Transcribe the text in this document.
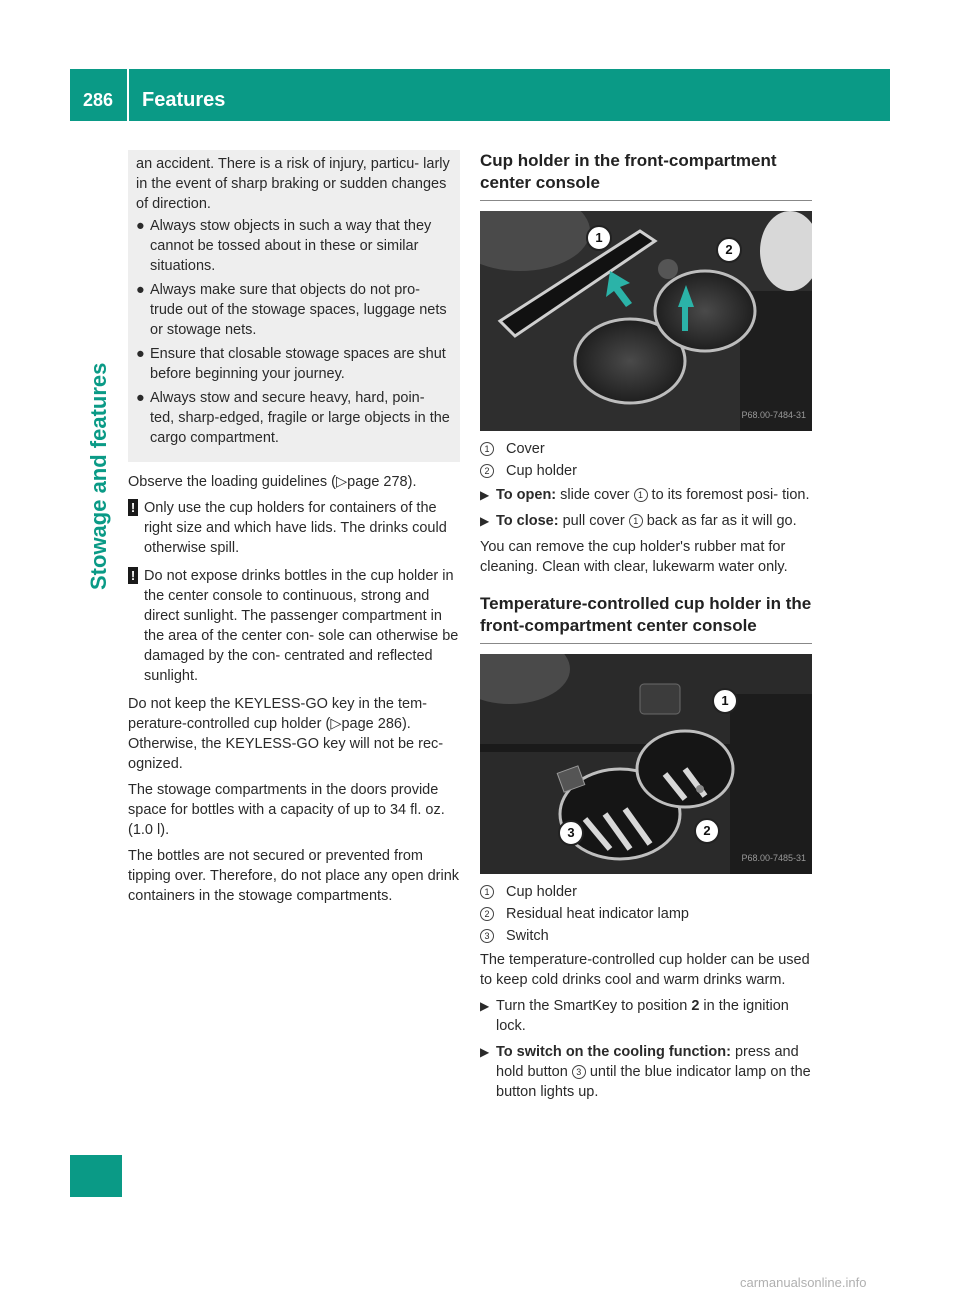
286	Features
Stowage and features

an accident. There is a risk of injury, particu- larly in the event of sharp braking or sudden changes of direction.

● Always stow objects in such a way that they cannot be tossed about in these or similar situations.
● Always make sure that objects do not pro- trude out of the stowage spaces, luggage nets or stowage nets.
● Ensure that closable stowage spaces are shut before beginning your journey.
● Always stow and secure heavy, hard, poin- ted, sharp-edged, fragile or large objects in the cargo compartment.

Observe the loading guidelines (▷page 278).

! Only use the cup holders for containers of the right size and which have lids. The drinks could otherwise spill.
! Do not expose drinks bottles in the cup holder in the center console to continuous, strong and direct sunlight. The passenger compartment in the area of the center con- sole can otherwise be damaged by the con- centrated and reflected sunlight.

Do not keep the KEYLESS-GO key in the tem- perature-controlled cup holder (▷page 286). Otherwise, the KEYLESS-GO key will not be rec- ognized.

The stowage compartments in the doors provide space for bottles with a capacity of up to 34 fl. oz. (1.0 l).

The bottles are not secured or prevented from tipping over. Therefore, do not place any open drink containers in the stowage compartments.

Cup holder in the front-compartment center console
1
2
P68.00-7484-31
1	Cover
2	Cup holder
▶ To open: slide cover 1 to its foremost posi- tion.
▶ To close: pull cover 1 back as far as it will go.

You can remove the cup holder's rubber mat for cleaning. Clean with clear, lukewarm water only.

Temperature-controlled cup holder in the front-compartment center console
1
2
3
P68.00-7485-31
1	Cup holder
2	Residual heat indicator lamp
3	Switch

The temperature-controlled cup holder can be used to keep cold drinks cool and warm drinks warm.

▶ Turn the SmartKey to position 2 in the ignition lock.
▶ To switch on the cooling function: press and hold button 3 until the blue indicator lamp on the button lights up.
carmanualsonline.info
